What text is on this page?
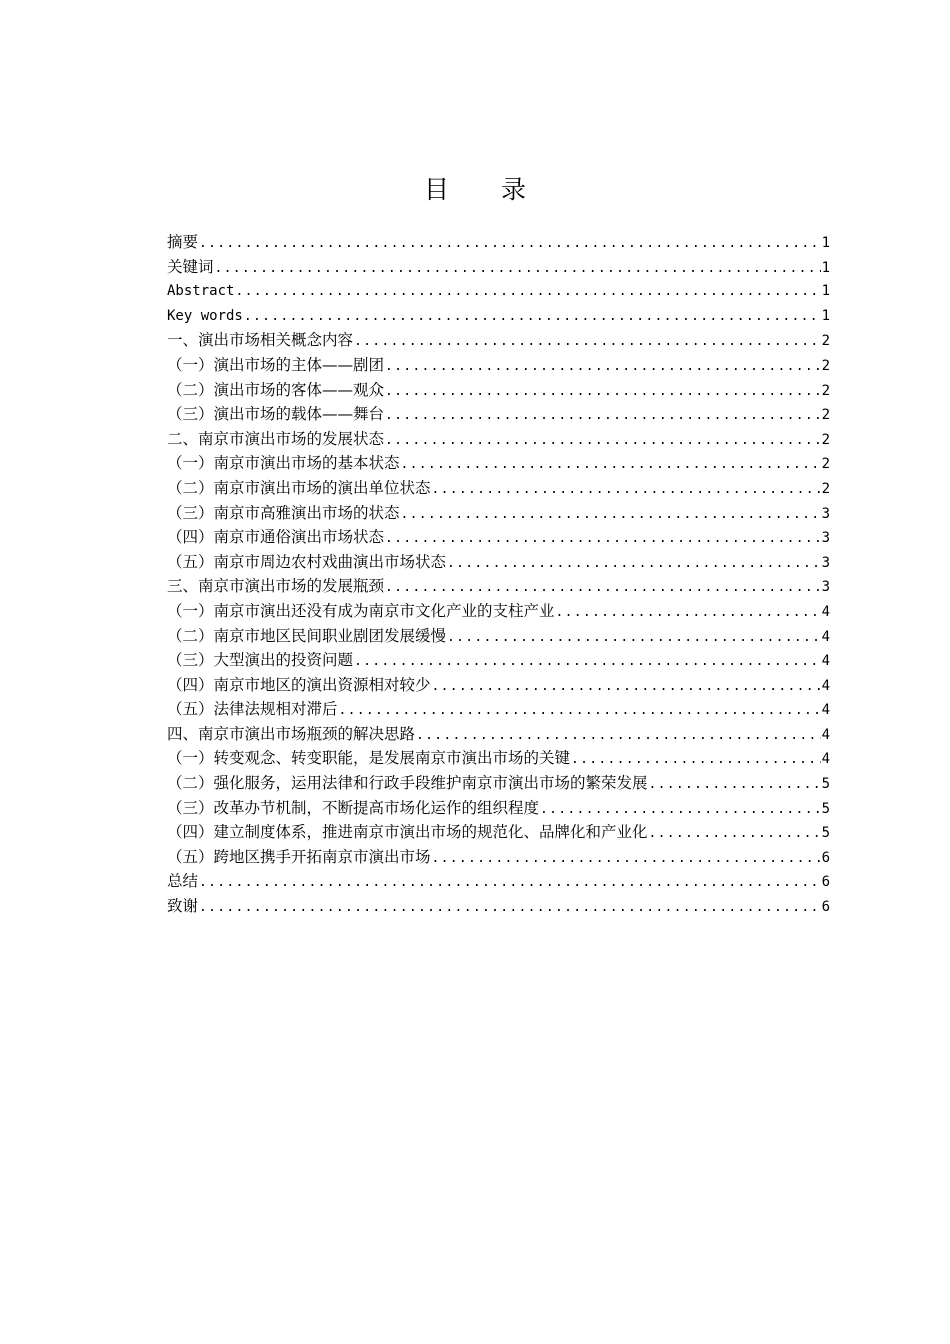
目 录
摘要 .....	1
关键词 .....	1
Abstract .....	1
Key words .....	1
一、演出市场相关概念内容 .....	2
（一）演出市场的主体——剧团 .....	2
（二）演出市场的客体——观众 .....	2
（三）演出市场的载体——舞台 .....	2
二、南京市演出市场的发展状态 .....	2
（一）南京市演出市场的基本状态 .....	2
（二）南京市演出市场的演出单位状态 .....	2
（三）南京市高雅演出市场的状态 .....	3
（四）南京市通俗演出市场状态 .....	3
（五）南京市周边农村戏曲演出市场状态 .....	3
三、南京市演出市场的发展瓶颈 .....	3
（一）南京市演出还没有成为南京市文化产业的支柱产业 .....	4
（二）南京市地区民间职业剧团发展缓慢 .....	4
（三）大型演出的投资问题 .....	4
（四）南京市地区的演出资源相对较少 .....	4
（五）法律法规相对滞后 .....	4
四、南京市演出市场瓶颈的解决思路 .....	4
（一）转变观念、转变职能，是发展南京市演出市场的关键 .....	4
（二）强化服务，运用法律和行政手段维护南京市演出市场的繁荣发展 .....	5
（三）改革办节机制，不断提高市场化运作的组织程度 .....	5
（四）建立制度体系，推进南京市演出市场的规范化、品牌化和产业化 .....	5
（五）跨地区携手开拓南京市演出市场 .....	6
总结 .....	6
致谢 .....	6
